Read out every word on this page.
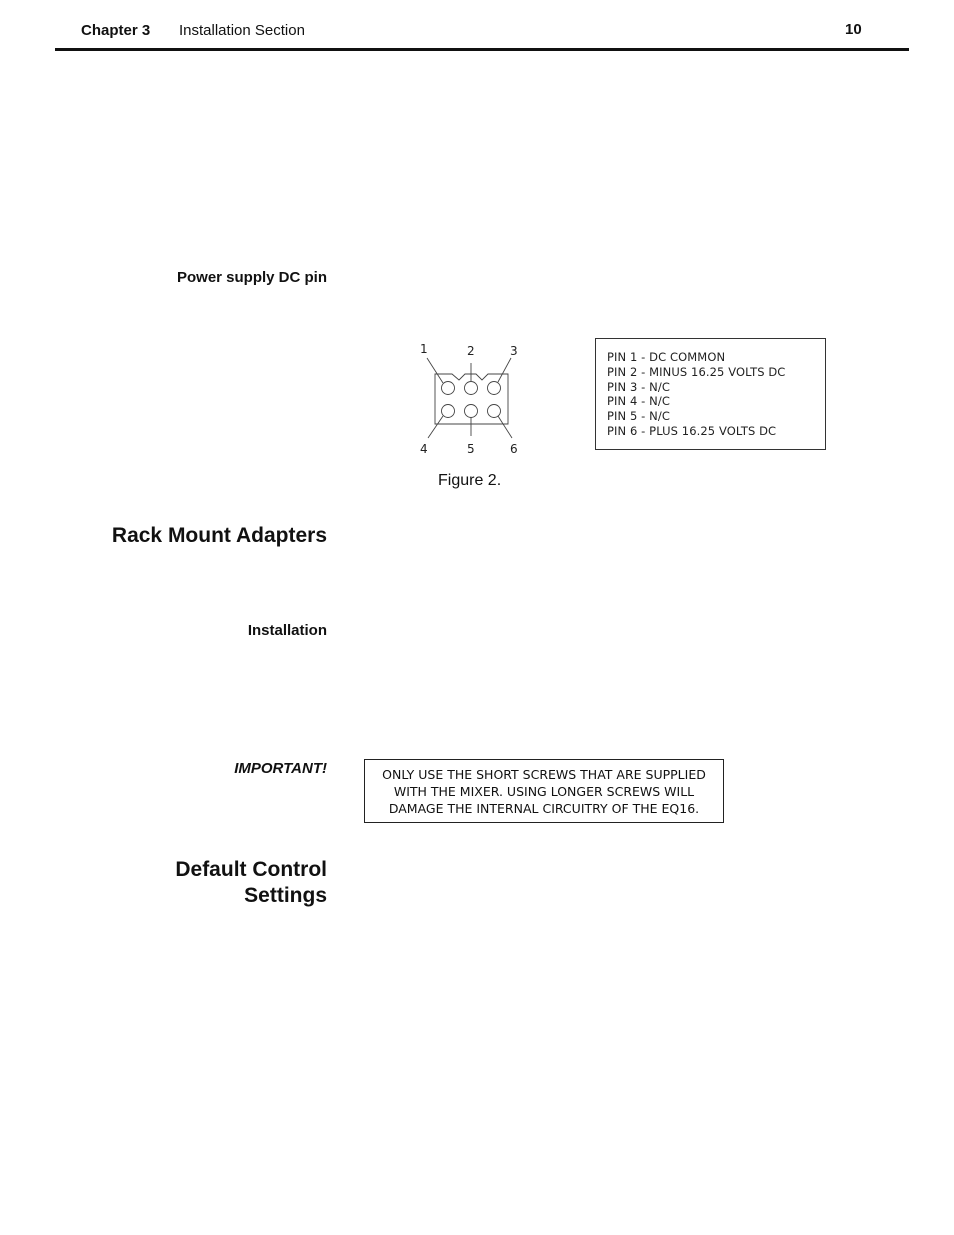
Chapter 3 Installation Section	10
Power supply DC pin
1	2	3
4	5	6
PIN 1 - DC COMMON
PIN 2 - MINUS 16.25 VOLTS DC
PIN 3 - N/C
PIN 4 - N/C
PIN 5 - N/C
PIN 6 - PLUS 16.25 VOLTS DC
Figure 2.
Rack Mount Adapters
Installation
IMPORTANT!	ONLY USE THE SHORT SCREWS THAT ARE SUPPLIED
WITH THE MIXER. USING LONGER SCREWS WILL
DAMAGE THE INTERNAL CIRCUITRY OF THE EQ16.
Default Control
Settings
